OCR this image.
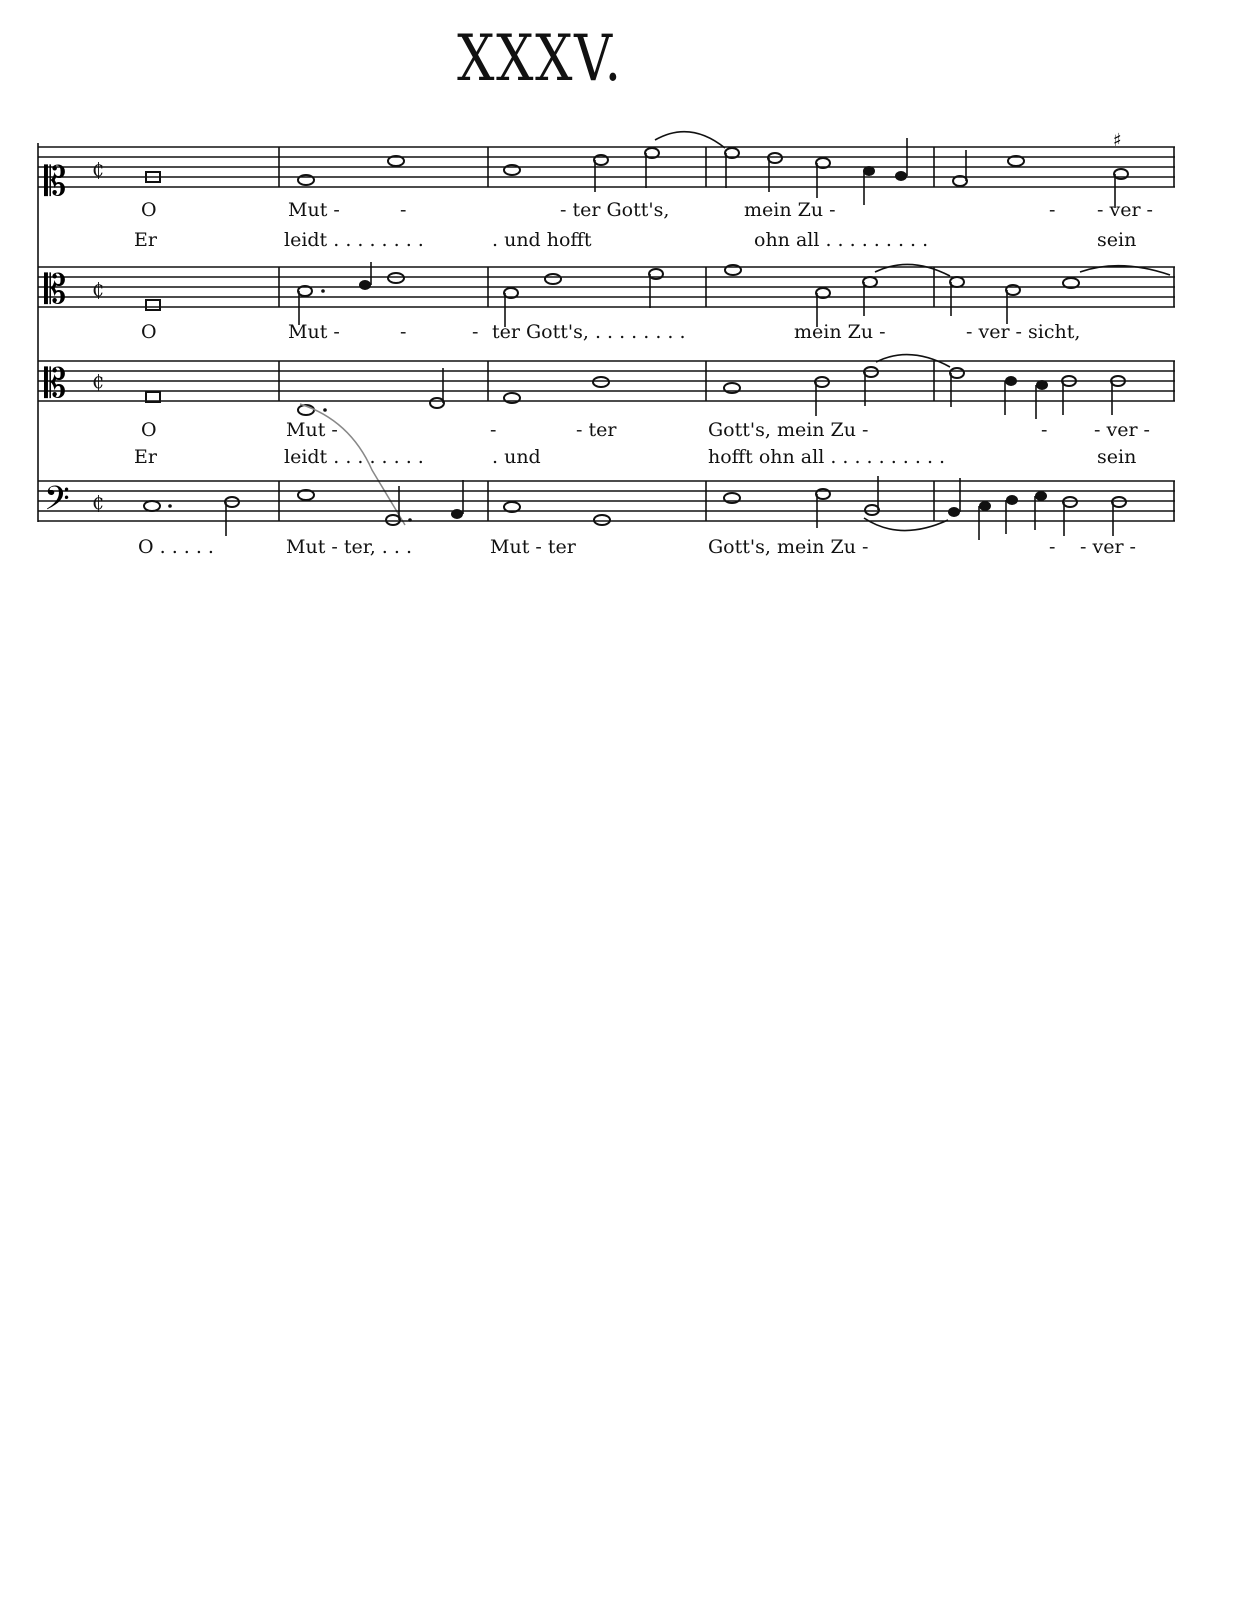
XXXV.
𝄡 ₵
♯
O	Mut -	-	- ter Gott's,	mein Zu -	- - ver -
Er	leidt . . . . . . . .	. und hofft	ohn all . . . . . . . . .	sein
𝄡 ₵
O	Mut -	-	- ter Gott's, . . . . . . . .	mein Zu -	- ver - sicht,
𝄡 ₵
O	Mut -	-	- ter	Gott's, mein Zu -	- - ver -
Er	leidt . . . . . . . .	. und	hofft ohn all . . . . . . . . . .	sein
𝄢 ₵
O . . . . .	Mut - ter, . . .	Mut - ter	Gott's, mein Zu -	- - ver -
